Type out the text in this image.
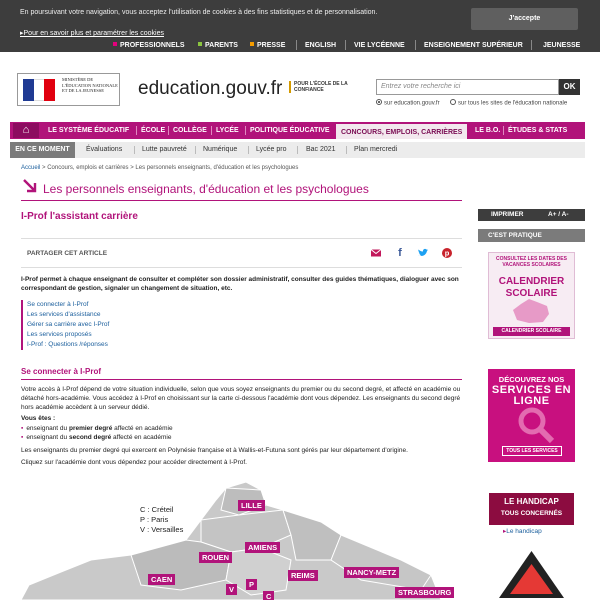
En poursuivant votre navigation, vous acceptez l'utilisation de cookies à des fins statistiques et de personnalisation.
▸ Pour en savoir plus et paramétrer les cookies
J'accepte
PROFESSIONNELS	PARENTS	PRESSE	ENGLISH	VIE LYCÉENNE	ENSEIGNEMENT SUPÉRIEUR	JEUNESSE
MINISTÈRE DE L'ÉDUCATION NATIONALE ET DE LA JEUNESSE	education.gouv.fr	POUR L'ÉCOLE DE LA CONFIANCE	Entrez votre recherche ici	OK
sur education.gouv.fr	sur tous les sites de l'éducation nationale
⌂	LE SYSTÈME ÉDUCATIF ÉCOLE COLLÈGE LYCÉE POLITIQUE ÉDUCATIVE	CONCOURS, EMPLOIS, CARRIÈRES	LE B.O. ÉTUDES & STATS
EN CE MOMENT	Évaluations	Lutte pauvreté Numérique	Lycée pro	Bac 2021	Plan mercredi
Accueil > Concours, emplois et carrières > Les personnels enseignants, d'éducation et les psychologues
Les personnels enseignants, d'éducation et les psychologues
I-Prof l'assistant carrière
PARTAGER CET ARTICLE	f	p
I-Prof permet à chaque enseignant de consulter et compléter son dossier administratif, consulter des guides thématiques, dialoguer avec son correspondant de gestion, signaler un changement de situation, etc.
Se connecter à I-Prof
Les services d'assistance
Gérer sa carrière avec I-Prof
Les services proposés
I-Prof : Questions /réponses
Se connecter à I-Prof
Votre accès à I-Prof dépend de votre situation individuelle, selon que vous soyez enseignants du premier ou du second degré, et affecté en académie ou détaché hors-académie. Vous accédez à I-Prof en choisissant sur la carte ci-dessous l'académie dont vous dépendez. Les enseignants du second degré hors académie accèdent à un serveur dédié.
Vous êtes :
▪ enseignant du premier degré affecté en académie
▪ enseignant du second degré affecté en académie
Les enseignants du premier degré qui exercent en Polynésie française et à Wallis-et-Futuna sont gérés par leur département d'origine.
Cliquez sur l'académie dont vous dépendez pour accéder directement à I-Prof.
C : Créteil
P : Paris
V : Versailles
LILLE
AMIENS
ROUEN
CAEN	REIMS	NANCY-METZ
STRASBOURG
V
P
C
IMPRIMER	A+ / A-
C'EST PRATIQUE
CONSULTEZ LES DATES DES VACANCES SCOLAIRES
CALENDRIER SCOLAIRE
CALENDRIER SCOLAIRE
DÉCOUVREZ NOS
SERVICES EN LIGNE
TOUS LES SERVICES
LE HANDICAP
TOUS CONCERNÉS
▸ Le handicap
